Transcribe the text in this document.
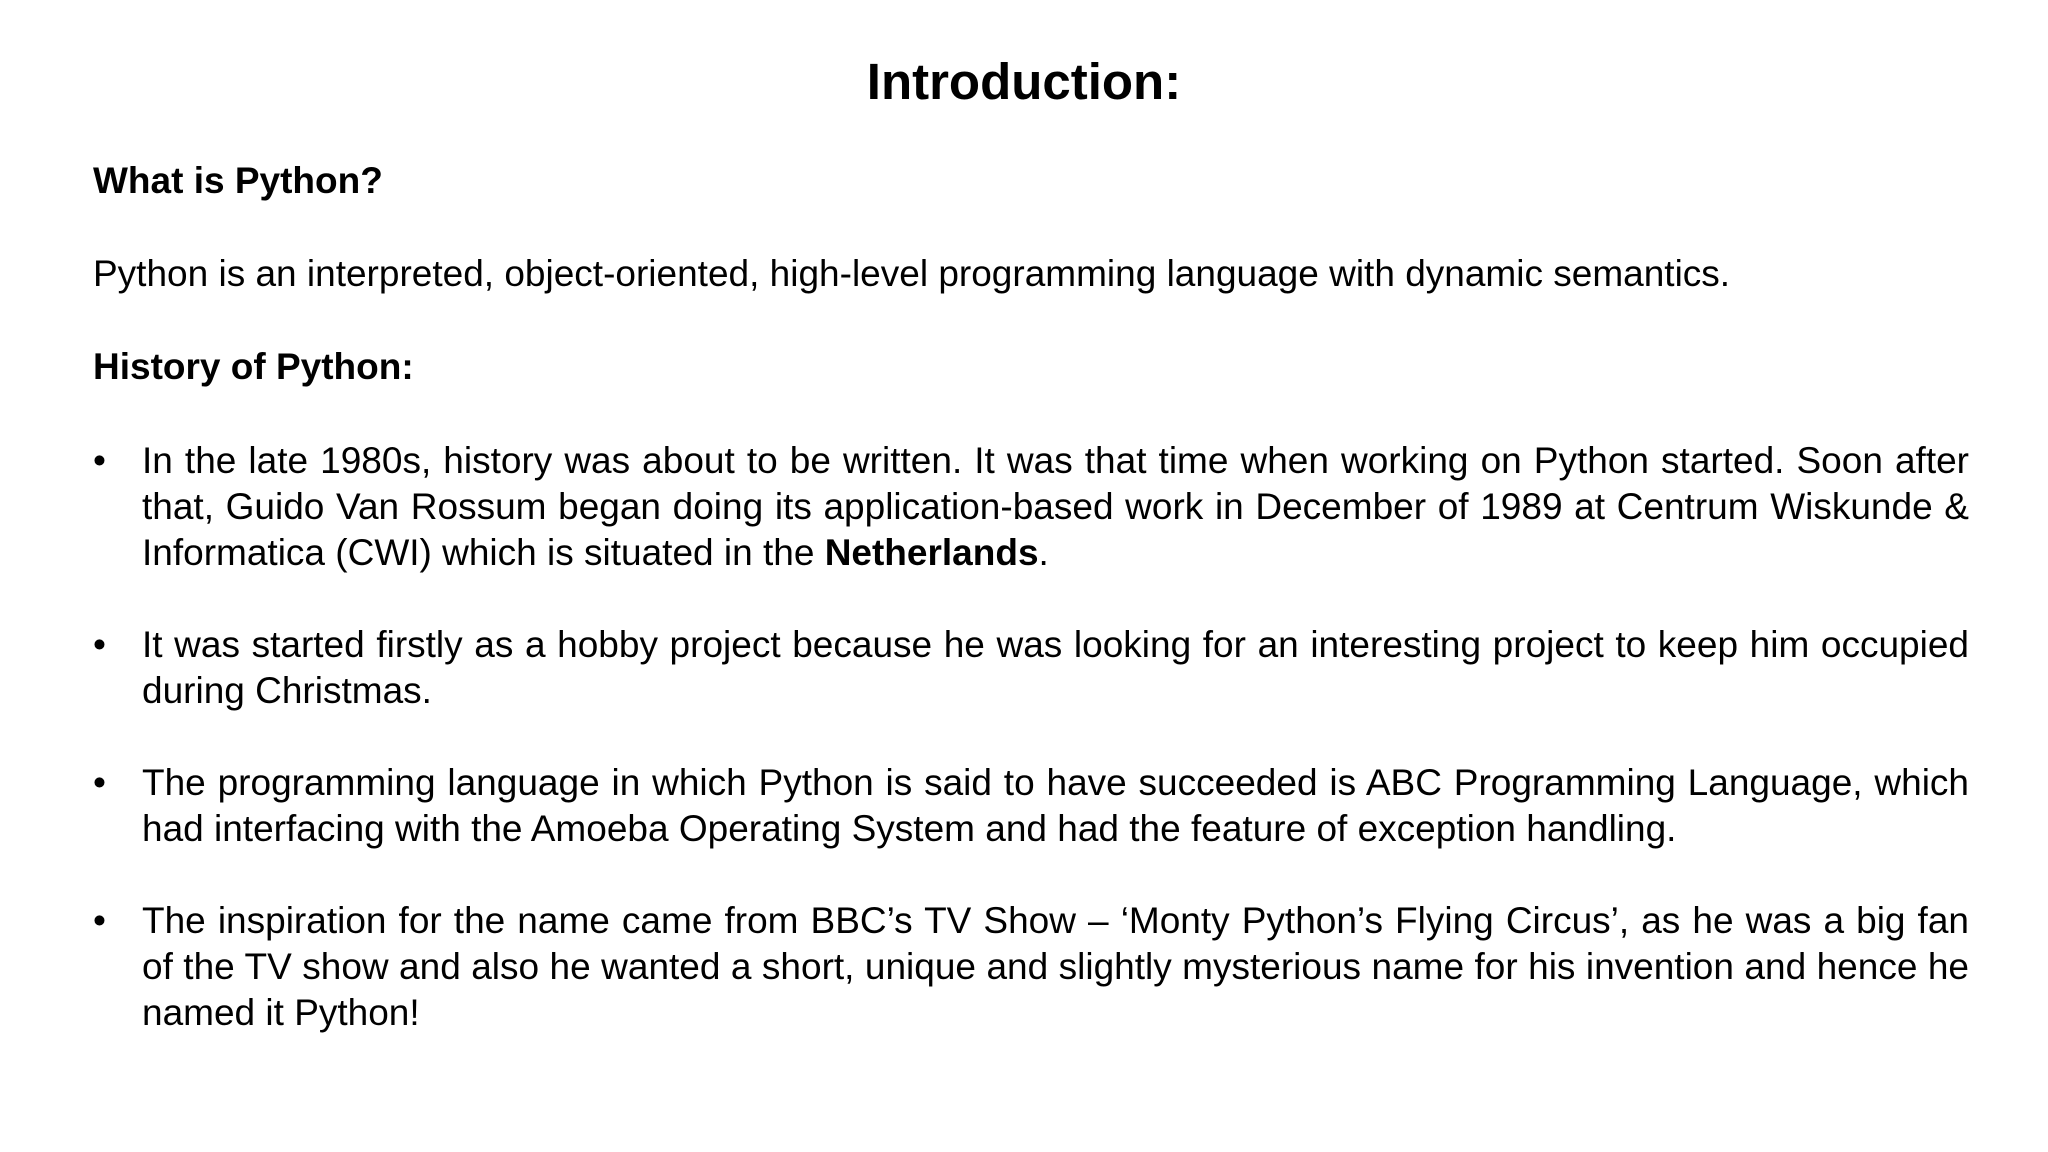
Introduction:
What is Python?
Python is an interpreted, object-oriented, high-level programming language with dynamic semantics.
History of Python:
• In the late 1980s, history was about to be written. It was that time when working on Python started. Soon after that, Guido Van Rossum began doing its application-based work in December of 1989 at Centrum Wiskunde & Informatica (CWI) which is situated in the Netherlands.
• It was started firstly as a hobby project because he was looking for an interesting project to keep him occupied during Christmas.
• The programming language in which Python is said to have succeeded is ABC Programming Language, which had interfacing with the Amoeba Operating System and had the feature of exception handling.
• The inspiration for the name came from BBC’s TV Show – ‘Monty Python’s Flying Circus’, as he was a big fan of the TV show and also he wanted a short, unique and slightly mysterious name for his invention and hence he named it Python!
